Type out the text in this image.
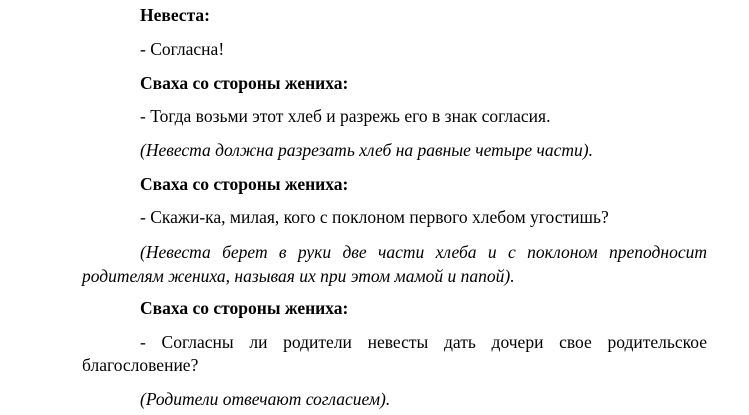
Невеста:
- Согласна!
Сваха со стороны жениха:
- Тогда возьми этот хлеб и разрежь его в знак согласия.
(Невеста должна разрезать хлеб на равные четыре части).
Сваха со стороны жениха:
- Скажи-ка, милая, кого с поклоном первого хлебом угостишь?
(Невеста берет в руки две части хлеба и с поклоном преподносит
родителям жениха, называя их при этом мамой и папой).
Сваха со стороны жениха:
- Согласны ли родители невесты дать дочери свое родительское
благословение?
(Родители отвечают согласием).
